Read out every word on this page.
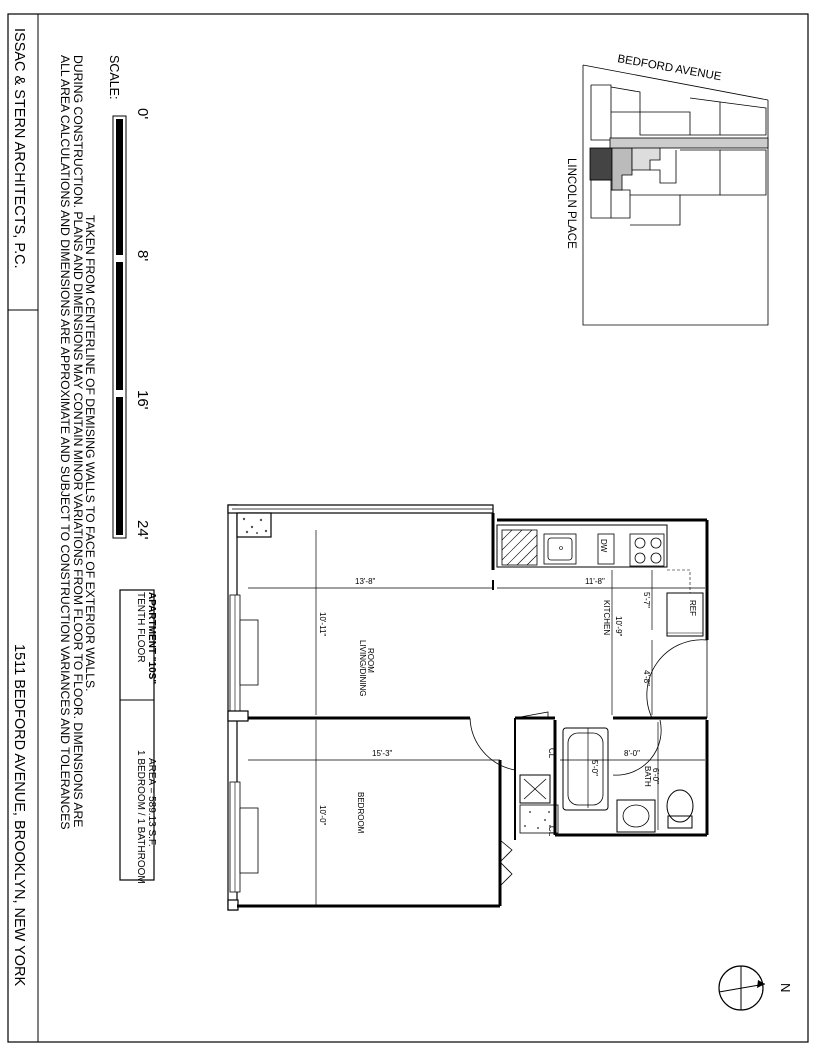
ISSAC & STERN ARCHITECTS, P.C.
1511 BEDFORD AVENUE, BROOKLYN, NEW YORK	ALL AREA CALCULATIONS AND DIMENSIONS ARE APPROXIMATE AND SUBJECT TO CONSTRUCTION VARIANCES AND TOLERANCES DURING CONSTRUCTION. PLANS AND DIMENSIONS MAY CONTAIN MINOR VARIATIONS FROM FLOOR TO FLOOR. DIMENSIONS ARE
TAKEN FROM CENTERLINE OF DEMISING WALLS TO FACE OF EXTERIOR WALLS.
SCALE:
0'
8'
16'
24'
TENTH FLOOR APARTMENT "10S"
1 BEDROOM / 1 BATHROOM AREA = 589.13 S.F.
BEDFORD AVENUE
LINCOLN PLACE
N
LIVING/DINING ROOM
BEDROOM
KITCHEN
BATH
CL
CL
DW
REF
13'-8"	11'-8"
10'-11"	10'-9"
5'-7"
4'-8"
15'-3"
10'-0"
8'-0"
6'-0"
5'-0"
